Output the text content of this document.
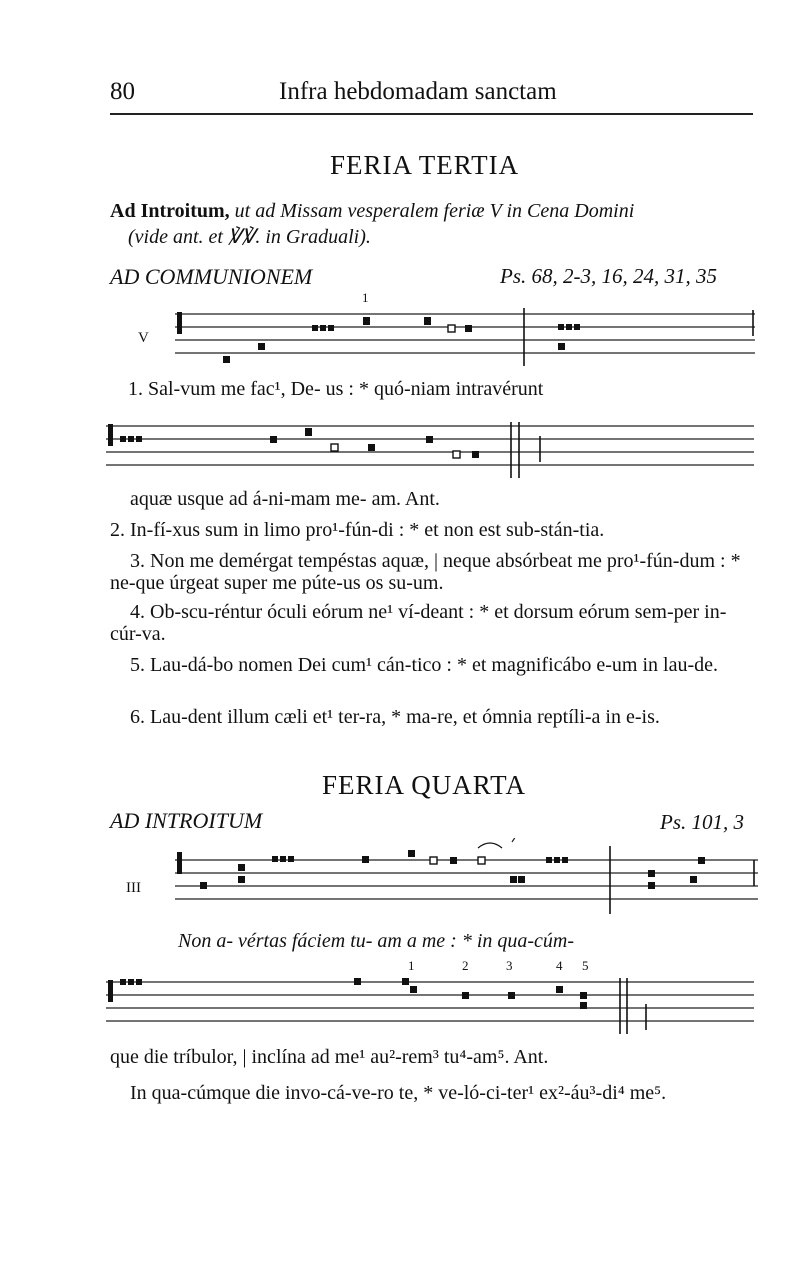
80	Infra hebdomadam sanctam
FERIA TERTIA
Ad Introitum, ut ad Missam vesperalem feriæ V in Cena Domini
(vide ant. et ℣℣. in Graduali).
AD COMMUNIONEM	Ps. 68, 2-3, 16, 24, 31, 35
1
V
1. Sal-vum me fac¹, De- us : * quó-niam intravérunt
aquæ usque ad á-ni-mam me- am. Ant.
2. In-fí-xus sum in limo pro¹-fún-di : * et non est sub-stán-tia.
3. Non me demérgat tempéstas aquæ, | neque absórbeat me pro¹-fún-dum : * ne-que úrgeat super me púte-us os su-um.
4. Ob-scu-réntur óculi eórum ne¹ ví-deant : * et dorsum eórum sem-per in-cúr-va.
5. Lau-dá-bo nomen Dei cum¹ cán-tico : * et magnificábo e-um in lau-de.
6. Lau-dent illum cæli et¹ ter-ra, * ma-re, et ómnia reptíli-a in e-is.
FERIA QUARTA
AD INTROITUM	Ps. 101, 3
III
Non a- vértas fáciem tu- am a me : * in qua-cúm-
1	2	3	4 5
que die tríbulor, | inclína ad me¹ au²-rem³ tu⁴-am⁵. Ant.
In qua-cúmque die invo-cá-ve-ro te, * ve-ló-ci-ter¹ ex²-áu³-di⁴ me⁵.
